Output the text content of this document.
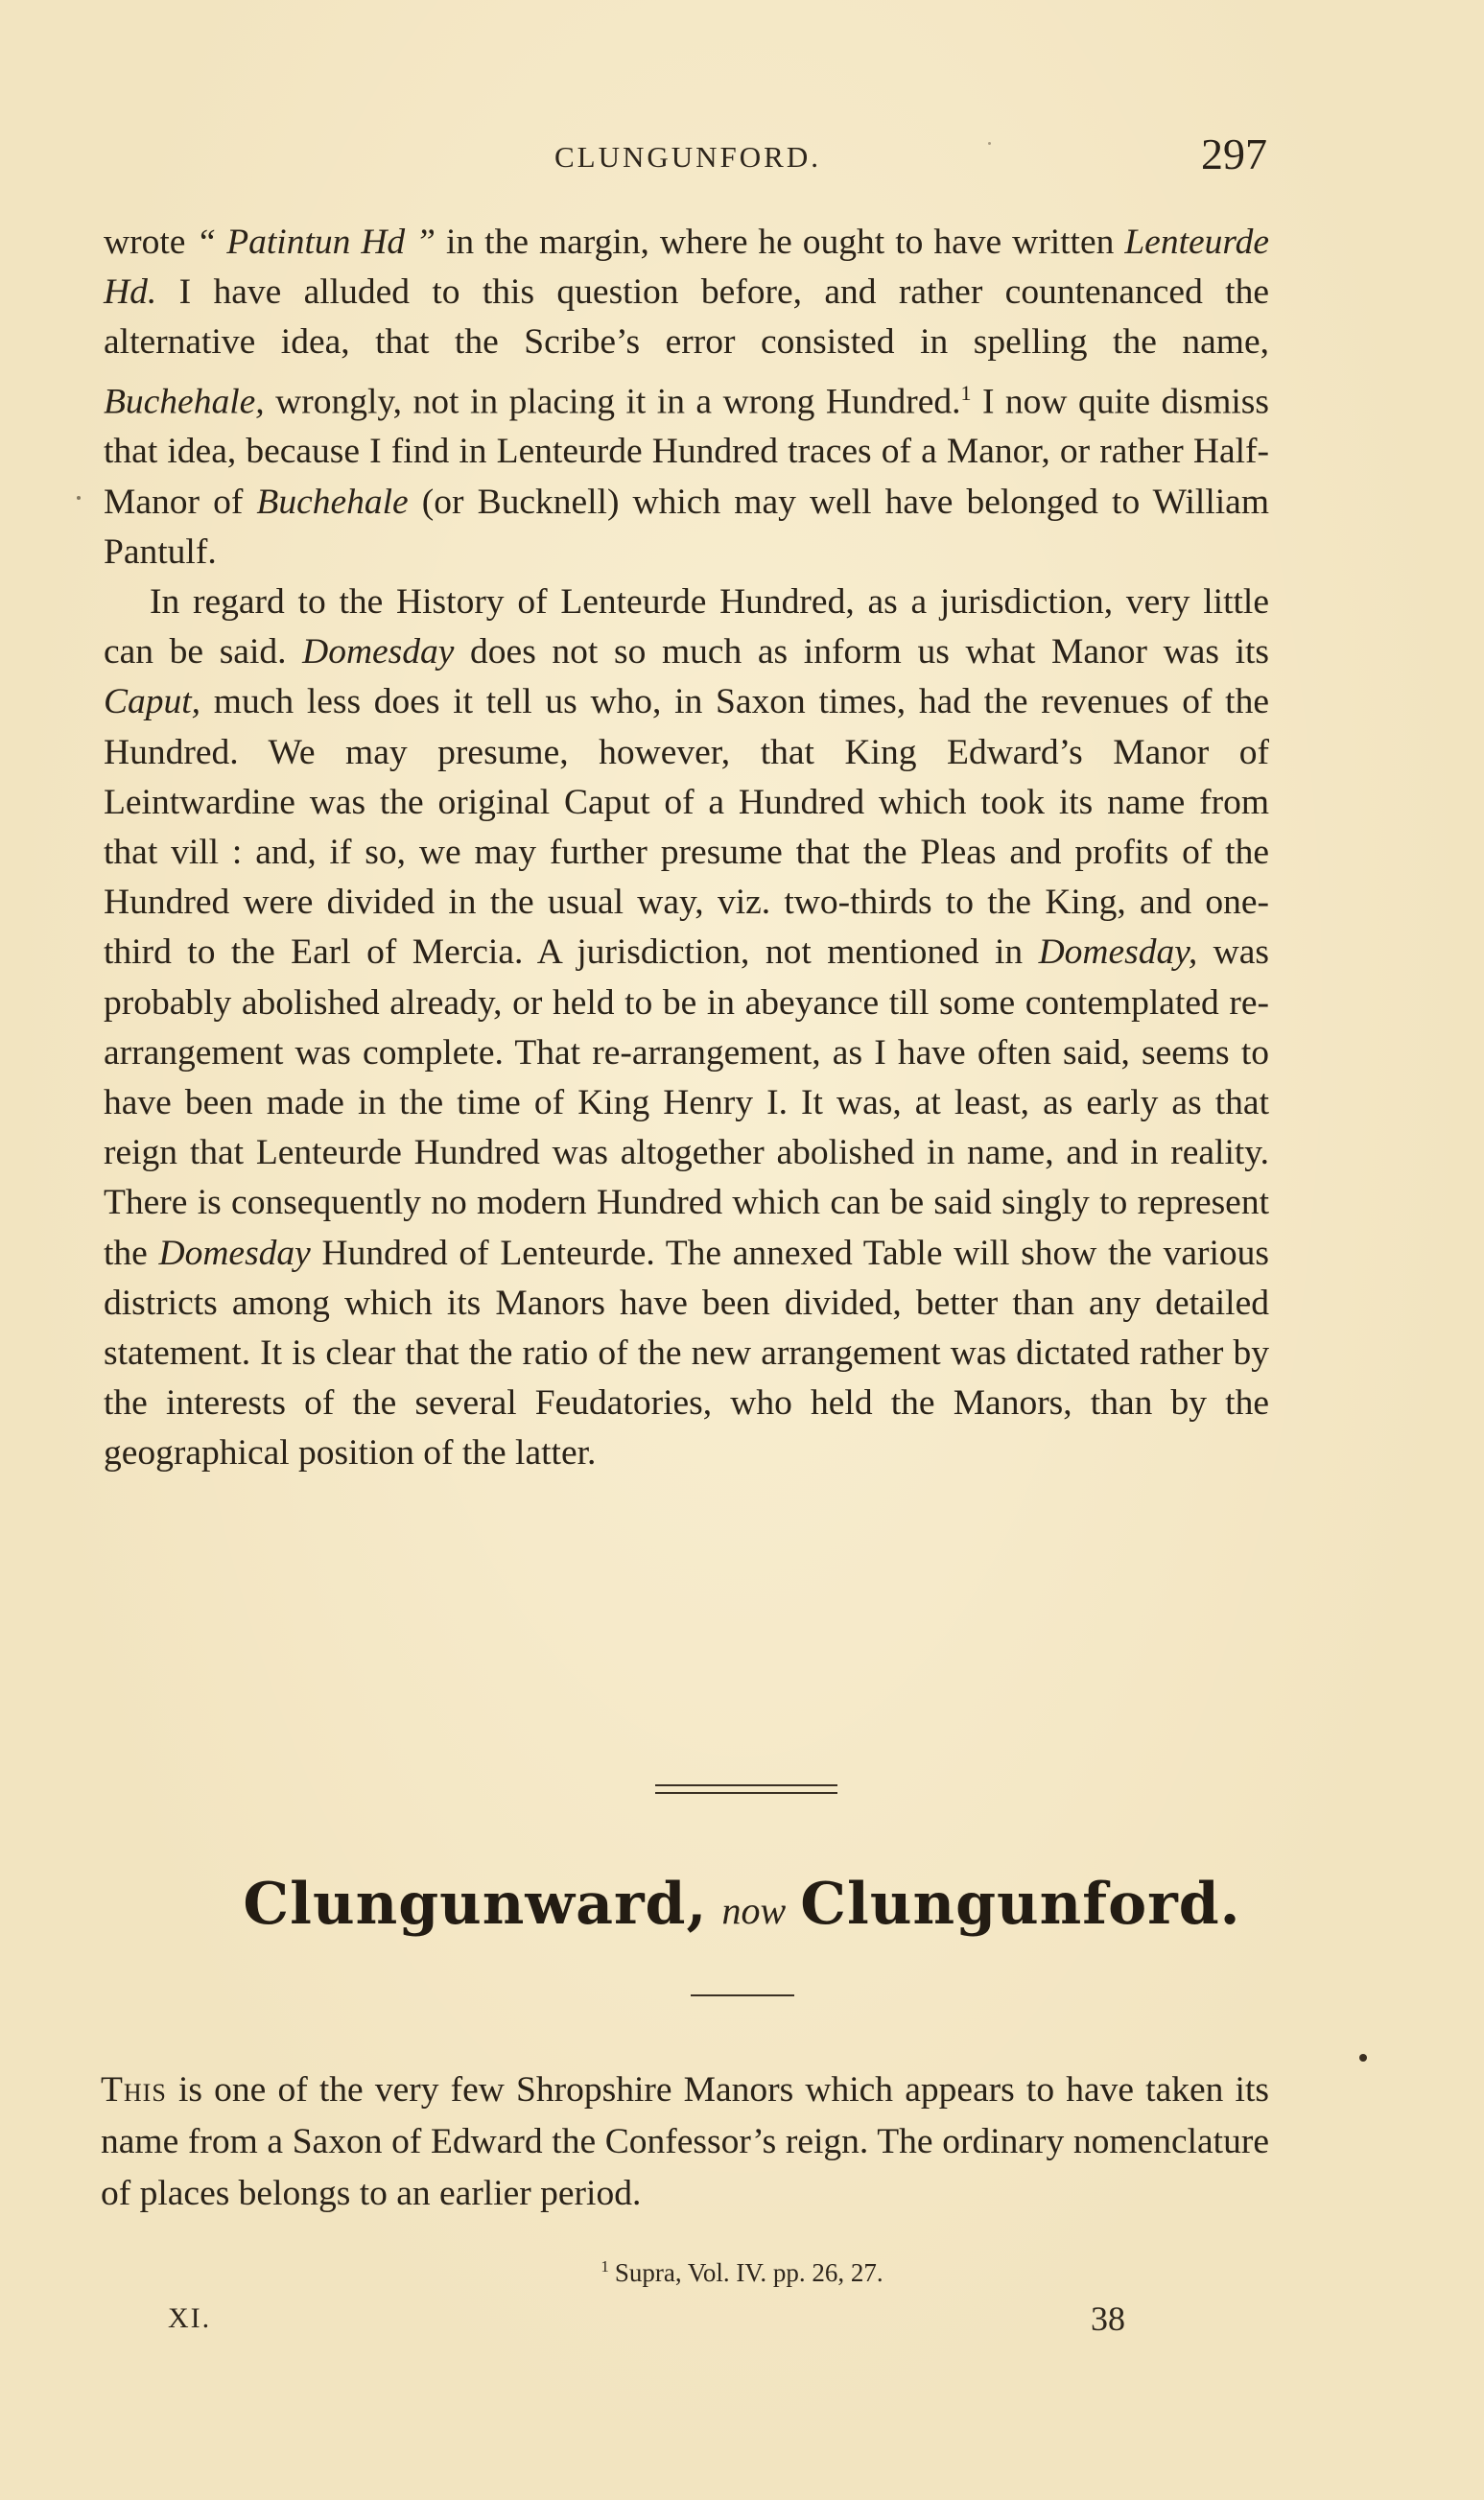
CLUNGUNFORD.	297

wrote “ Patintun Hd ” in the margin, where he ought to have written Lenteurde Hd. I have alluded to this question before, and rather countenanced the alternative idea, that the Scribe’s error consisted in spelling the name, Buchehale, wrongly, not in placing it in a wrong Hundred.$^1$ I now quite dismiss that idea, because I find in Lenteurde Hundred traces of a Manor, or rather Half-Manor of Buchehale (or Bucknell) which may well have belonged to William Pantulf.

In regard to the History of Lenteurde Hundred, as a jurisdiction, very little can be said. Domesday does not so much as inform us what Manor was its Caput, much less does it tell us who, in Saxon times, had the revenues of the Hundred. We may presume, however, that King Edward’s Manor of Leintwardine was the original Caput of a Hundred which took its name from that vill : and, if so, we may further presume that the Pleas and profits of the Hundred were divided in the usual way, viz. two-thirds to the King, and one-third to the Earl of Mercia. A jurisdiction, not mentioned in Domesday, was probably abolished already, or held to be in abeyance till some contemplated re-arrangement was complete. That re-arrangement, as I have often said, seems to have been made in the time of King Henry I. It was, at least, as early as that reign that Lenteurde Hundred was altogether abolished in name, and in reality. There is consequently no modern Hundred which can be said singly to represent the Domesday Hundred of Lenteurde. The annexed Table will show the various districts among which its Manors have been divided, better than any detailed statement. It is clear that the ratio of the new arrangement was dictated rather by the interests of the several Feudatories, who held the Manors, than by the geographical position of the latter.

Clungunward, now Clungunford.

This is one of the very few Shropshire Manors which appears to have taken its name from a Saxon of Edward the Confessor’s reign. The ordinary nomenclature of places belongs to an earlier period.

$^1$ Supra, Vol. IV. pp. 26, 27.
XI.	38
